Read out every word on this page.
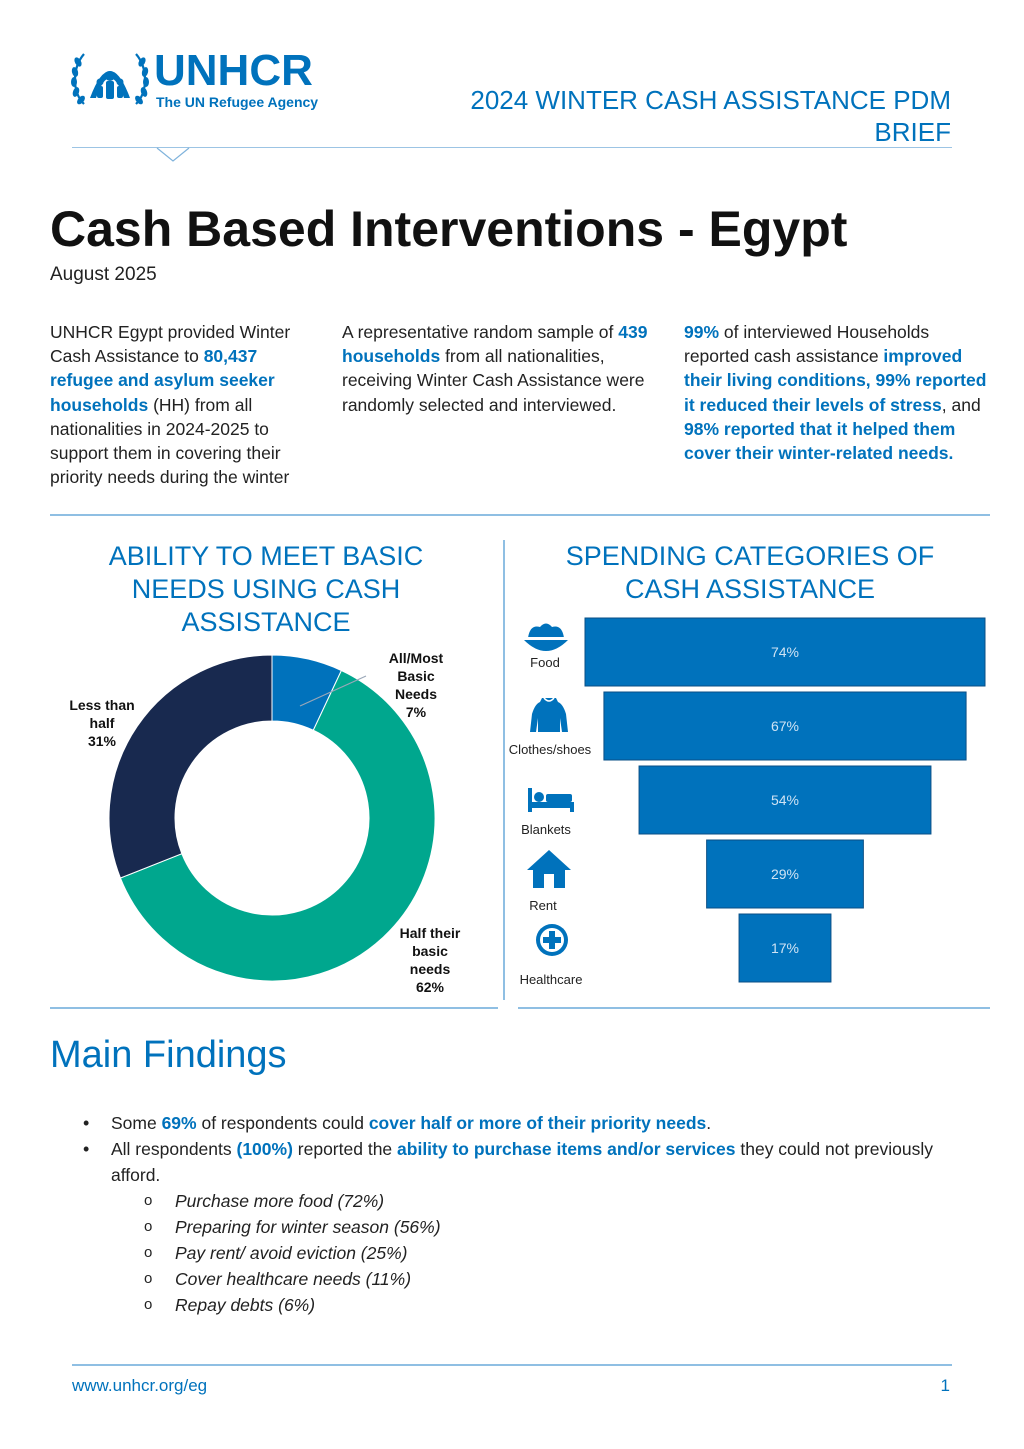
UNHCR
The UN Refugee Agency	2024 WINTER CASH ASSISTANCE PDM
BRIEF
Cash Based Interventions - Egypt
August 2025
UNHCR Egypt provided Winter Cash Assistance to 80,437 refugee and asylum seeker households (HH) from all nationalities in 2024-2025 to support them in covering their priority needs during the winter
A representative random sample of 439 households from all nationalities, receiving Winter Cash Assistance were randomly selected and interviewed.
99% of interviewed Households reported cash assistance improved their living conditions, 99% reported it reduced their levels of stress, and 98% reported that it helped them cover their winter-related needs.
ABILITY TO MEET BASIC
NEEDS USING CASH
ASSISTANCE
SPENDING CATEGORIES OF
CASH ASSISTANCE
All/Most
Basic
Needs
7%
Less than
half
31%
Half their
basic
needs
62%
74%
67%
54%
29%
17%
Food
Clothes/shoes
Blankets
Rent
Healthcare
Main Findings
• Some 69% of respondents could cover half or more of their priority needs.
• All respondents (100%) reported the ability to purchase items and/or services they could not previously afford.
o Purchase more food (72%)
o Preparing for winter season (56%)
o Pay rent/ avoid eviction (25%)
o Cover healthcare needs (11%)
o Repay debts (6%)
www.unhcr.org/eg	1
